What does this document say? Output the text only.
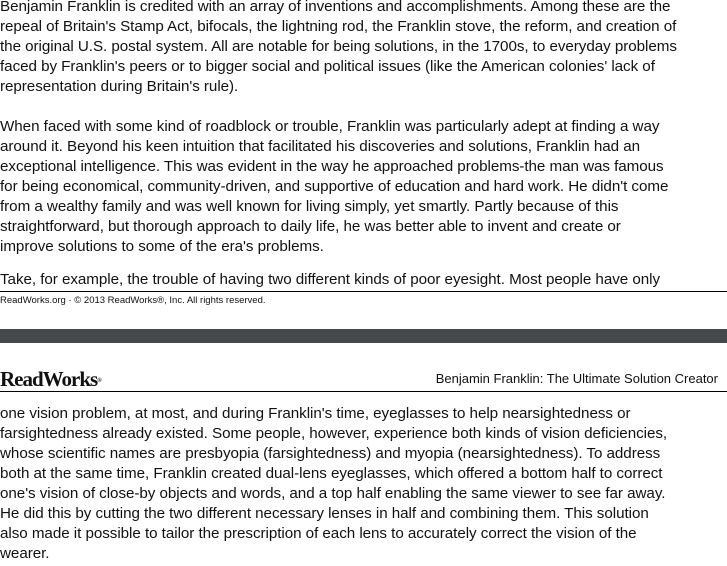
Benjamin Franklin is credited with an array of inventions and accomplishments. Among these are the
repeal of Britain's Stamp Act, bifocals, the lightning rod, the Franklin stove, the reform, and creation of
the original U.S. postal system. All are notable for being solutions, in the 1700s, to everyday problems
faced by Franklin's peers or to bigger social and political issues (like the American colonies' lack of
representation during Britain's rule).
When faced with some kind of roadblock or trouble, Franklin was particularly adept at finding a way
around it. Beyond his keen intuition that facilitated his discoveries and solutions, Franklin had an
exceptional intelligence. This was evident in the way he approached problems-the man was famous
for being economical, community-driven, and supportive of education and hard work. He didn't come
from a wealthy family and was well known for living simply, yet smartly. Partly because of this
straightforward, but thorough approach to daily life, he was better able to invent and create or
improve solutions to some of the era's problems.
Take, for example, the trouble of having two different kinds of poor eyesight. Most people have only
ReadWorks.org · © 2013 ReadWorks®, Inc. All rights reserved.
ReadWorks®	Benjamin Franklin: The Ultimate Solution Creator
one vision problem, at most, and during Franklin's time, eyeglasses to help nearsightedness or
farsightedness already existed. Some people, however, experience both kinds of vision deficiencies,
whose scientific names are presbyopia (farsightedness) and myopia (nearsightedness). To address
both at the same time, Franklin created dual-lens eyeglasses, which offered a bottom half to correct
one's vision of close-by objects and words, and a top half enabling the same viewer to see far away.
He did this by cutting the two different necessary lenses in half and combining them. This solution
also made it possible to tailor the prescription of each lens to accurately correct the vision of the
wearer.
